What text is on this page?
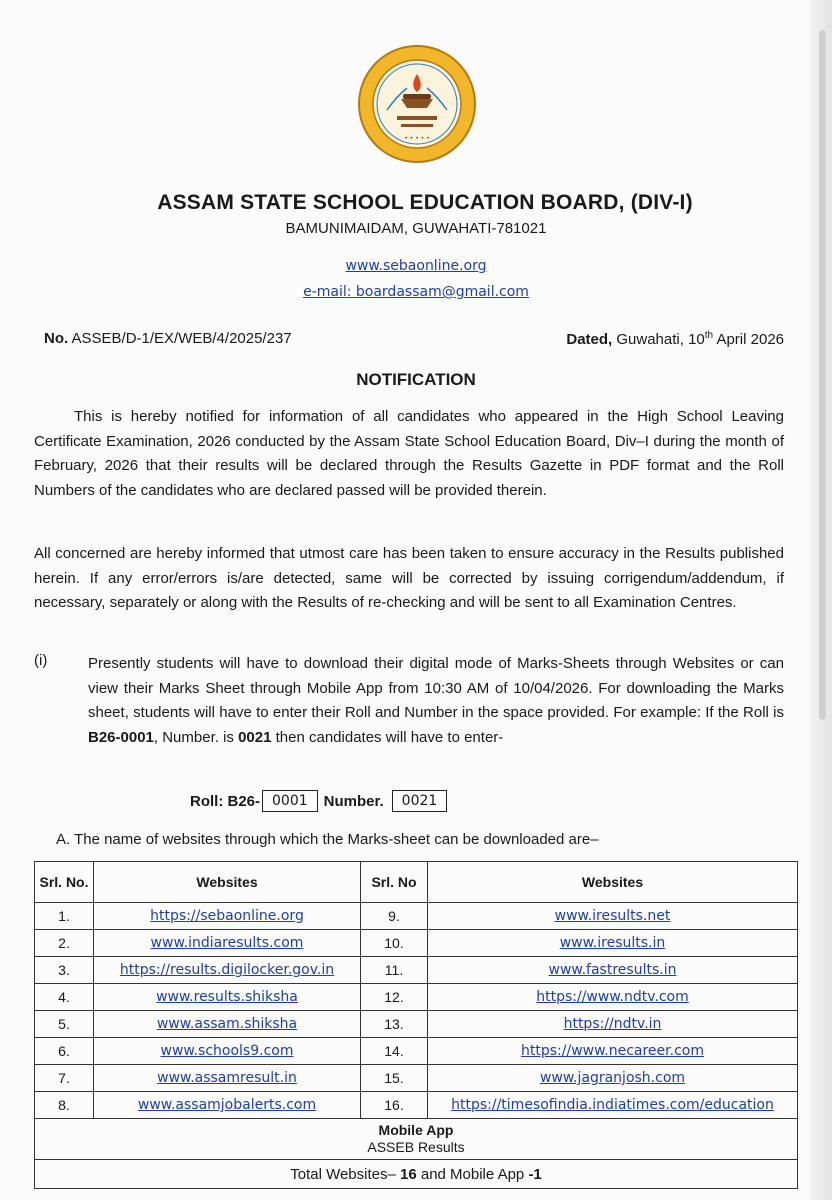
• • • • •
ASSAM STATE SCHOOL EDUCATION BOARD, (DIV-I)
BAMUNIMAIDAM, GUWAHATI-781021
www.sebaonline.org
e-mail: boardassam@gmail.com
No. ASSEB/D-1/EX/WEB/4/2025/237	Dated, Guwahati, 10th April 2026
NOTIFICATION
This is hereby notified for information of all candidates who appeared in the High School Leaving Certificate Examination, 2026 conducted by the Assam State School Education Board, Div–I during the month of February, 2026 that their results will be declared through the Results Gazette in PDF format and the Roll Numbers of the candidates who are declared passed will be provided therein.
All concerned are hereby informed that utmost care has been taken to ensure accuracy in the Results published herein. If any error/errors is/are detected, same will be corrected by issuing corrigendum/addendum, if necessary, separately or along with the Results of re-checking and will be sent to all Examination Centres.
(i)	Presently students will have to download their digital mode of Marks-Sheets through Websites or can view their Marks Sheet through Mobile App from 10:30 AM of 10/04/2026. For downloading the Marks sheet, students will have to enter their Roll and Number in the space provided. For example: If the Roll is B26-0001, Number. is 0021 then candidates will have to enter-
Roll: B26- 0001	Number.	0021
A. The name of websites through which the Marks-sheet can be downloaded are–
Srl. No.	Websites	Srl. No	Websites
1.	https://sebaonline.org	9.	www.iresults.net
2.	www.indiaresults.com	10.	www.iresults.in
3.	https://results.digilocker.gov.in	11.	www.fastresults.in
4.	www.results.shiksha	12.	https://www.ndtv.com
5.	www.assam.shiksha	13.	https://ndtv.in
6.	www.schools9.com	14.	https://www.necareer.com
7.	www.assamresult.in	15.	www.jagranjosh.com
8.	www.assamjobalerts.com	16.	https://timesofindia.indiatimes.com/education
Mobile App
ASSEB Results			
Total Websites– 16 and Mobile App -1			
